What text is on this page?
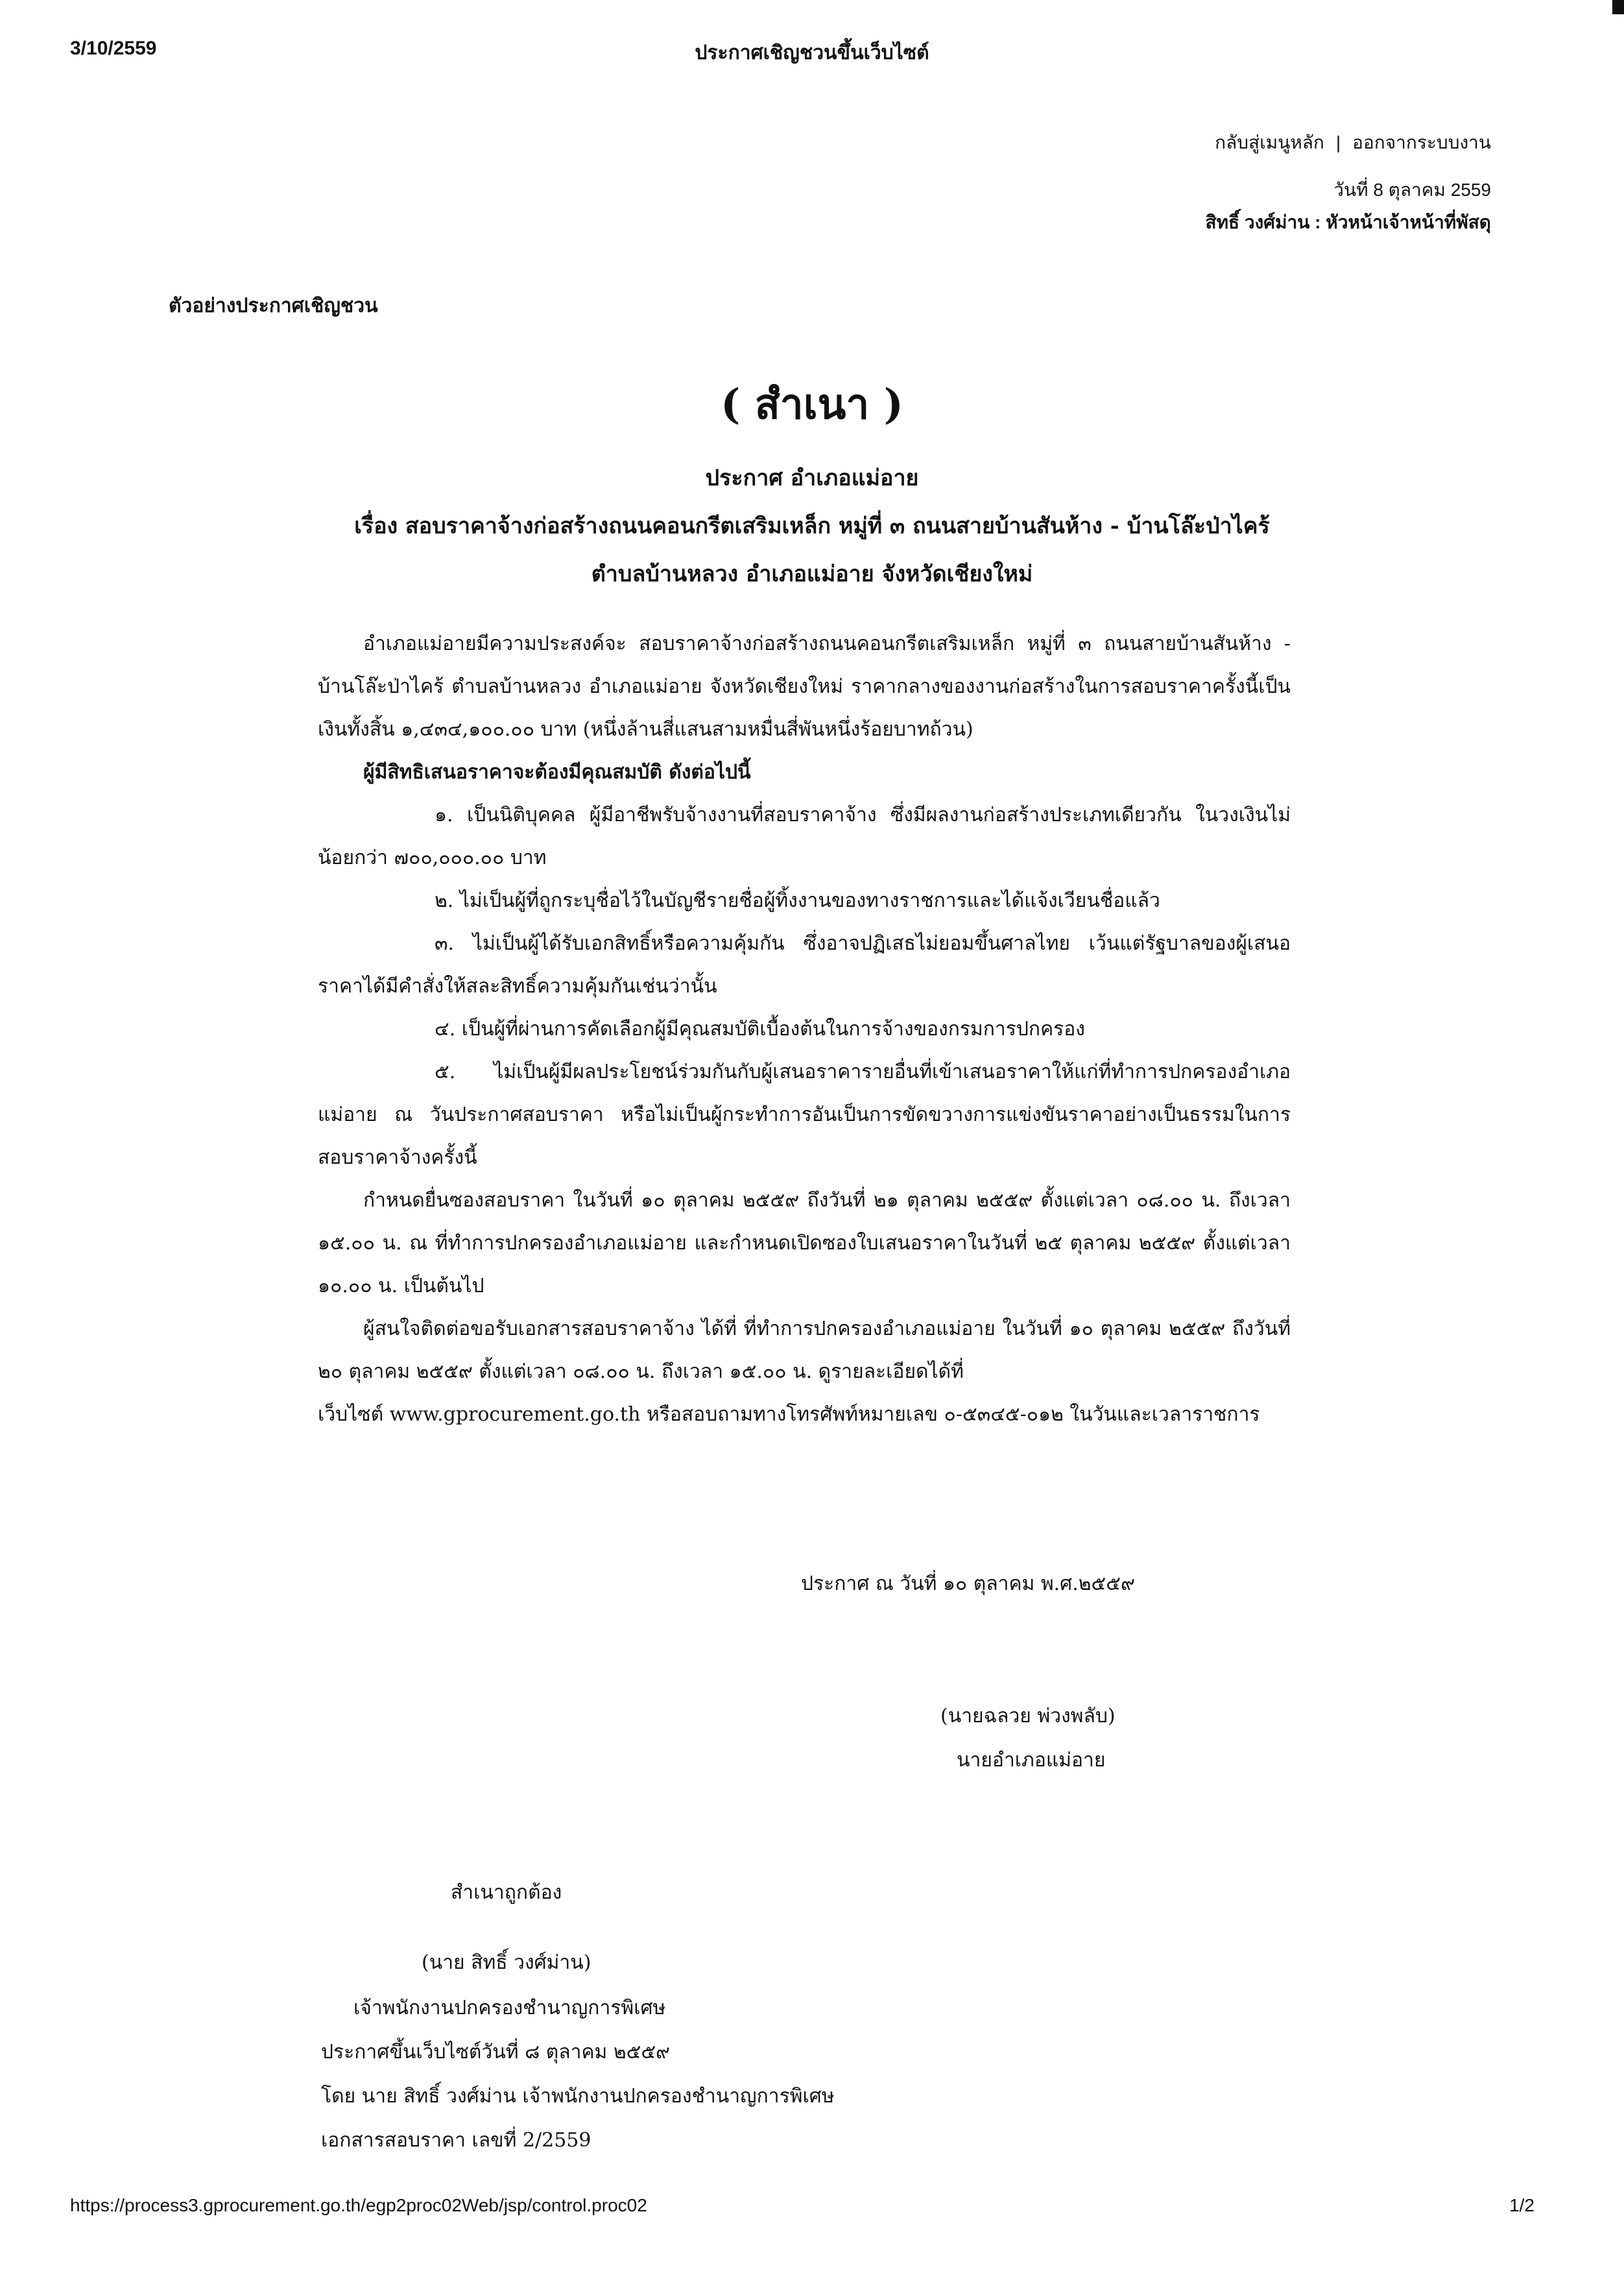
3/10/2559	ประกาศเชิญชวนขึ้นเว็บไซต์
กลับสู่เมนูหลัก | ออกจากระบบงาน
วันที่ 8 ตุลาคม 2559
สิทธิ์ วงศ์ม่าน : หัวหน้าเจ้าหน้าที่พัสดุ
ตัวอย่างประกาศเชิญชวน
( สำเนา )
ประกาศ อำเภอแม่อาย
เรื่อง สอบราคาจ้างก่อสร้างถนนคอนกรีตเสริมเหล็ก หมู่ที่ ๓ ถนนสายบ้านสันห้าง - บ้านโล๊ะป่าไคร้
ตำบลบ้านหลวง อำเภอแม่อาย จังหวัดเชียงใหม่

อำเภอแม่อายมีความประสงค์จะ สอบราคาจ้างก่อสร้างถนนคอนกรีตเสริมเหล็ก หมู่ที่ ๓ ถนนสายบ้านสันห้าง - บ้านโล๊ะป่าไคร้ ตำบลบ้านหลวง อำเภอแม่อาย จังหวัดเชียงใหม่ ราคากลางของงานก่อสร้างในการสอบราคาครั้งนี้เป็นเงินทั้งสิ้น ๑,๔๓๔,๑๐๐.๐๐ บาท (หนึ่งล้านสี่แสนสามหมื่นสี่พันหนึ่งร้อยบาทถ้วน)

ผู้มีสิทธิเสนอราคาจะต้องมีคุณสมบัติ ดังต่อไปนี้

๑. เป็นนิติบุคคล ผู้มีอาชีพรับจ้างงานที่สอบราคาจ้าง ซึ่งมีผลงานก่อสร้างประเภทเดียวกัน ในวงเงินไม่น้อยกว่า ๗๐๐,๐๐๐.๐๐ บาท

๒. ไม่เป็นผู้ที่ถูกระบุชื่อไว้ในบัญชีรายชื่อผู้ทิ้งงานของทางราชการและได้แจ้งเวียนชื่อแล้ว

๓. ไม่เป็นผู้ได้รับเอกสิทธิ์หรือความคุ้มกัน ซึ่งอาจปฏิเสธไม่ยอมขึ้นศาลไทย เว้นแต่รัฐบาลของผู้เสนอราคาได้มีคำสั่งให้สละสิทธิ์ความคุ้มกันเช่นว่านั้น

๔. เป็นผู้ที่ผ่านการคัดเลือกผู้มีคุณสมบัติเบื้องต้นในการจ้างของกรมการปกครอง

๕. ไม่เป็นผู้มีผลประโยชน์ร่วมกันกับผู้เสนอราคารายอื่นที่เข้าเสนอราคาให้แก่ที่ทำการปกครองอำเภอแม่อาย ณ วันประกาศสอบราคา หรือไม่เป็นผู้กระทำการอันเป็นการขัดขวางการแข่งขันราคาอย่างเป็นธรรมในการสอบราคาจ้างครั้งนี้

กำหนดยื่นซองสอบราคา ในวันที่ ๑๐ ตุลาคม ๒๕๕๙ ถึงวันที่ ๒๑ ตุลาคม ๒๕๕๙ ตั้งแต่เวลา ๐๘.๐๐ น. ถึงเวลา ๑๕.๐๐ น. ณ ที่ทำการปกครองอำเภอแม่อาย และกำหนดเปิดซองใบเสนอราคาในวันที่ ๒๕ ตุลาคม ๒๕๕๙ ตั้งแต่เวลา ๑๐.๐๐ น. เป็นต้นไป

ผู้สนใจติดต่อขอรับเอกสารสอบราคาจ้าง ได้ที่ ที่ทำการปกครองอำเภอแม่อาย ในวันที่ ๑๐ ตุลาคม ๒๕๕๙ ถึงวันที่ ๒๐ ตุลาคม ๒๕๕๙ ตั้งแต่เวลา ๐๘.๐๐ น. ถึงเวลา ๑๕.๐๐ น. ดูรายละเอียดได้ที่

เว็บไซต์ www.gprocurement.go.th หรือสอบถามทางโทรศัพท์หมายเลข ๐-๕๓๔๕-๐๑๒ ในวันและเวลาราชการ

ประกาศ ณ วันที่ ๑๐ ตุลาคม พ.ศ.๒๕๕๙
(นายฉลวย พ่วงพลับ)
นายอำเภอแม่อาย
สำเนาถูกต้อง
(นาย สิทธิ์ วงศ์ม่าน)
เจ้าพนักงานปกครองชำนาญการพิเศษ
ประกาศขึ้นเว็บไซต์วันที่ ๘ ตุลาคม ๒๕๕๙
โดย นาย สิทธิ์ วงศ์ม่าน เจ้าพนักงานปกครองชำนาญการพิเศษ
เอกสารสอบราคา เลขที่ 2/2559
https://process3.gprocurement.go.th/egp2proc02Web/jsp/control.proc02	1/2
